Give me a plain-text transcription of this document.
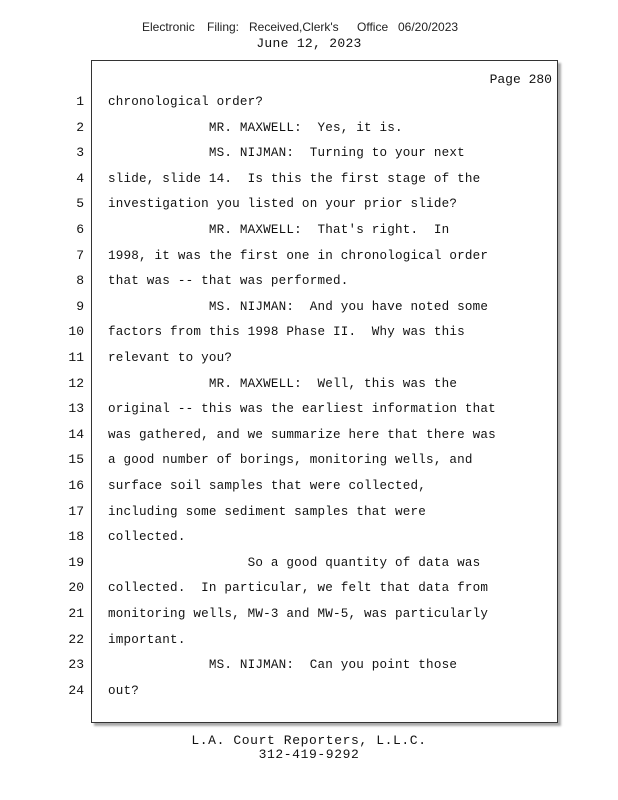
Electronic Filing: Received,Clerk's Office 06/20/2023
June 12, 2023
Page 280
1 chronological order?
2 MR. MAXWELL:  Yes, it is.
3 MS. NIJMAN:  Turning to your next
4 slide, slide 14.  Is this the first stage of the
5 investigation you listed on your prior slide?
6 MR. MAXWELL:  That's right.  In
7 1998, it was the first one in chronological order
8 that was -- that was performed.
9 MS. NIJMAN:  And you have noted some
10 factors from this 1998 Phase II.  Why was this
11 relevant to you?
12 MR. MAXWELL:  Well, this was the
13 original -- this was the earliest information that
14 was gathered, and we summarize here that there was
15 a good number of borings, monitoring wells, and
16 surface soil samples that were collected,
17 including some sediment samples that were
18 collected.
19 So a good quantity of data was
20 collected.  In particular, we felt that data from
21 monitoring wells, MW-3 and MW-5, was particularly
22 important.
23 MS. NIJMAN:  Can you point those
24 out?
L.A. Court Reporters, L.L.C.
312-419-9292
